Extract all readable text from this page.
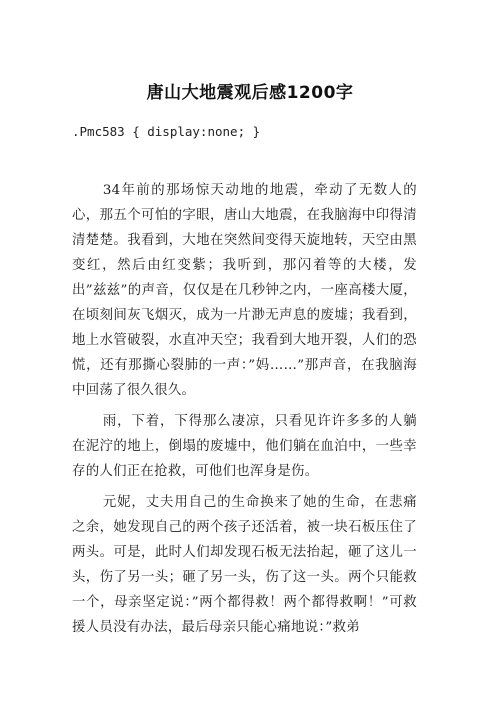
唐山大地震观后感1200字
.Pmc583 { display:none; }

34年前的那场惊天动地的地震，牵动了无数人的心，那五个可怕的字眼，唐山大地震，在我脑海中印得清清楚楚。我看到，大地在突然间变得天旋地转，天空由黑变红，然后由红变紫；我听到，那闪着等的大楼，发出”兹兹”的声音，仅仅是在几秒钟之内，一座高楼大厦，在顷刻间灰飞烟灭，成为一片渺无声息的废墟；我看到，地上水管破裂，水直冲天空；我看到大地开裂，人们的恐慌，还有那撕心裂肺的一声：”妈……”那声音，在我脑海中回荡了很久很久。

雨，下着，下得那么凄凉，只看见许许多多的人躺在泥泞的地上，倒塌的废墟中，他们躺在血泊中，一些幸存的人们正在抢救，可他们也浑身是伤。

元妮，丈夫用自己的生命换来了她的生命，在悲痛之余，她发现自己的两个孩子还活着，被一块石板压住了两头。可是，此时人们却发现石板无法抬起，砸了这儿一头，伤了另一头；砸了另一头，伤了这一头。两个只能救一个，母亲坚定说：”两个都得救！两个都得救啊！”可救援人员没有办法，最后母亲只能心痛地说：”救弟
